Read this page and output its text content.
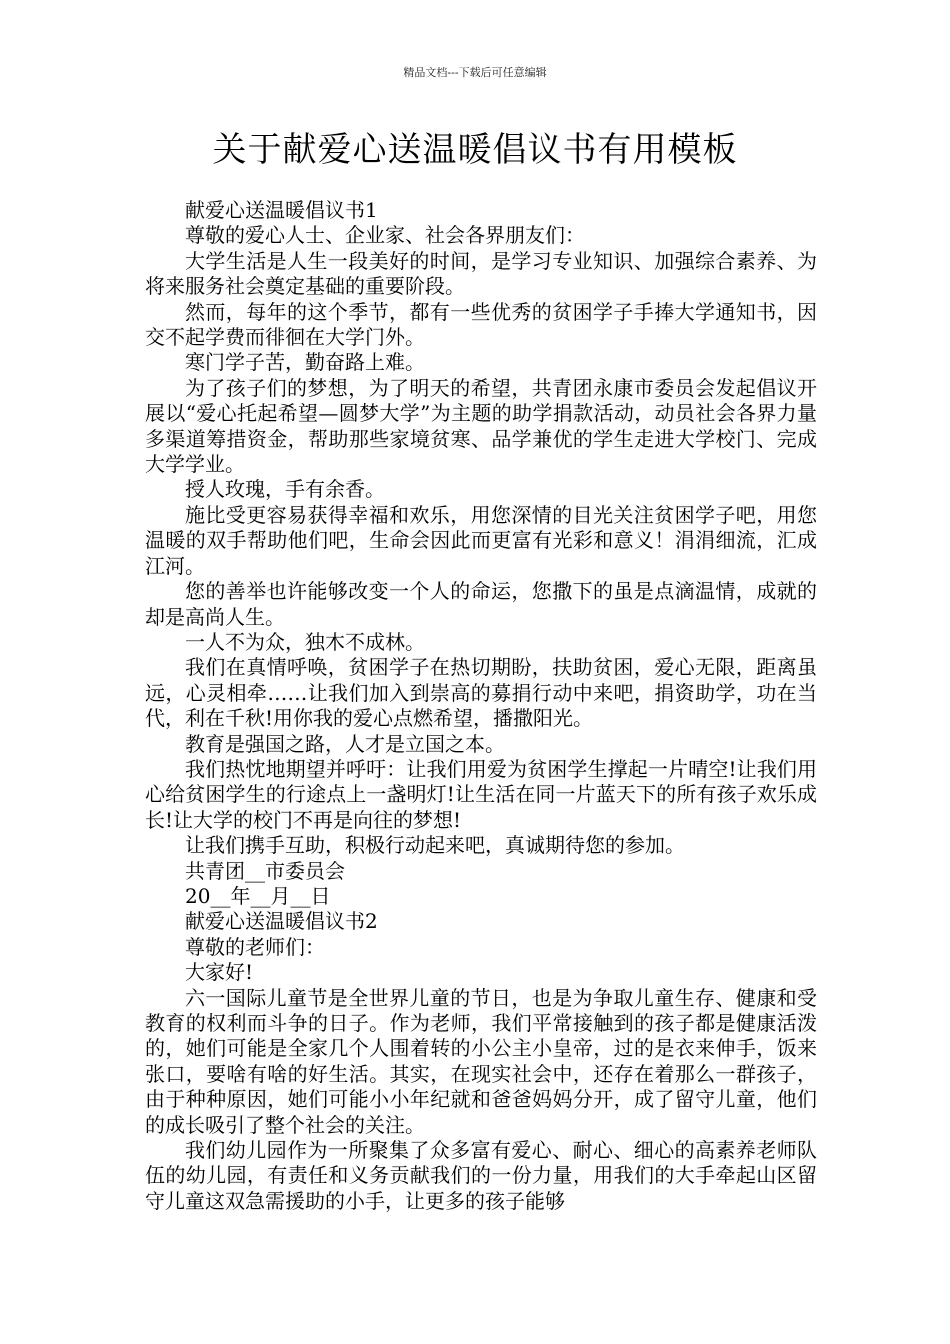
精品文档---下载后可任意编辑
关于献爱心送温暖倡议书有用模板

献爱心送温暖倡议书1

尊敬的爱心人士、企业家、社会各界朋友们：

大学生活是人生一段美好的时间，是学习专业知识、加强综合素养、为将来服务社会奠定基础的重要阶段。

然而，每年的这个季节，都有一些优秀的贫困学子手捧大学通知书，因交不起学费而徘徊在大学门外。

寒门学子苦，勤奋路上难。

为了孩子们的梦想，为了明天的希望，共青团永康市委员会发起倡议开展以“爱心托起希望—圆梦大学”为主题的助学捐款活动，动员社会各界力量多渠道筹措资金，帮助那些家境贫寒、品学兼优的学生走进大学校门、完成大学学业。

授人玫瑰，手有余香。

施比受更容易获得幸福和欢乐，用您深情的目光关注贫困学子吧，用您温暖的双手帮助他们吧，生命会因此而更富有光彩和意义！涓涓细流，汇成江河。

您的善举也许能够改变一个人的命运，您撒下的虽是点滴温情，成就的却是高尚人生。

一人不为众，独木不成林。

我们在真情呼唤，贫困学子在热切期盼，扶助贫困，爱心无限，距离虽远，心灵相牵……让我们加入到崇高的募捐行动中来吧，捐资助学，功在当代，利在千秋!用你我的爱心点燃希望，播撒阳光。

教育是强国之路，人才是立国之本。

我们热忱地期望并呼吁：让我们用爱为贫困学生撑起一片晴空!让我们用心给贫困学生的行途点上一盏明灯!让生活在同一片蓝天下的所有孩子欢乐成长!让大学的校门不再是向往的梦想!

让我们携手互助，积极行动起来吧，真诚期待您的参加。

共青团__市委员会

20__年__月__日

献爱心送温暖倡议书2

尊敬的老师们：

大家好!

六一国际儿童节是全世界儿童的节日，也是为争取儿童生存、健康和受教育的权利而斗争的日子。作为老师，我们平常接触到的孩子都是健康活泼的，她们可能是全家几个人围着转的小公主小皇帝，过的是衣来伸手，饭来张口，要啥有啥的好生活。其实，在现实社会中，还存在着那么一群孩子，由于种种原因，她们可能小小年纪就和爸爸妈妈分开，成了留守儿童，他们的成长吸引了整个社会的关注。

我们幼儿园作为一所聚集了众多富有爱心、耐心、细心的高素养老师队伍的幼儿园，有责任和义务贡献我们的一份力量，用我们的大手牵起山区留守儿童这双急需援助的小手，让更多的孩子能够
